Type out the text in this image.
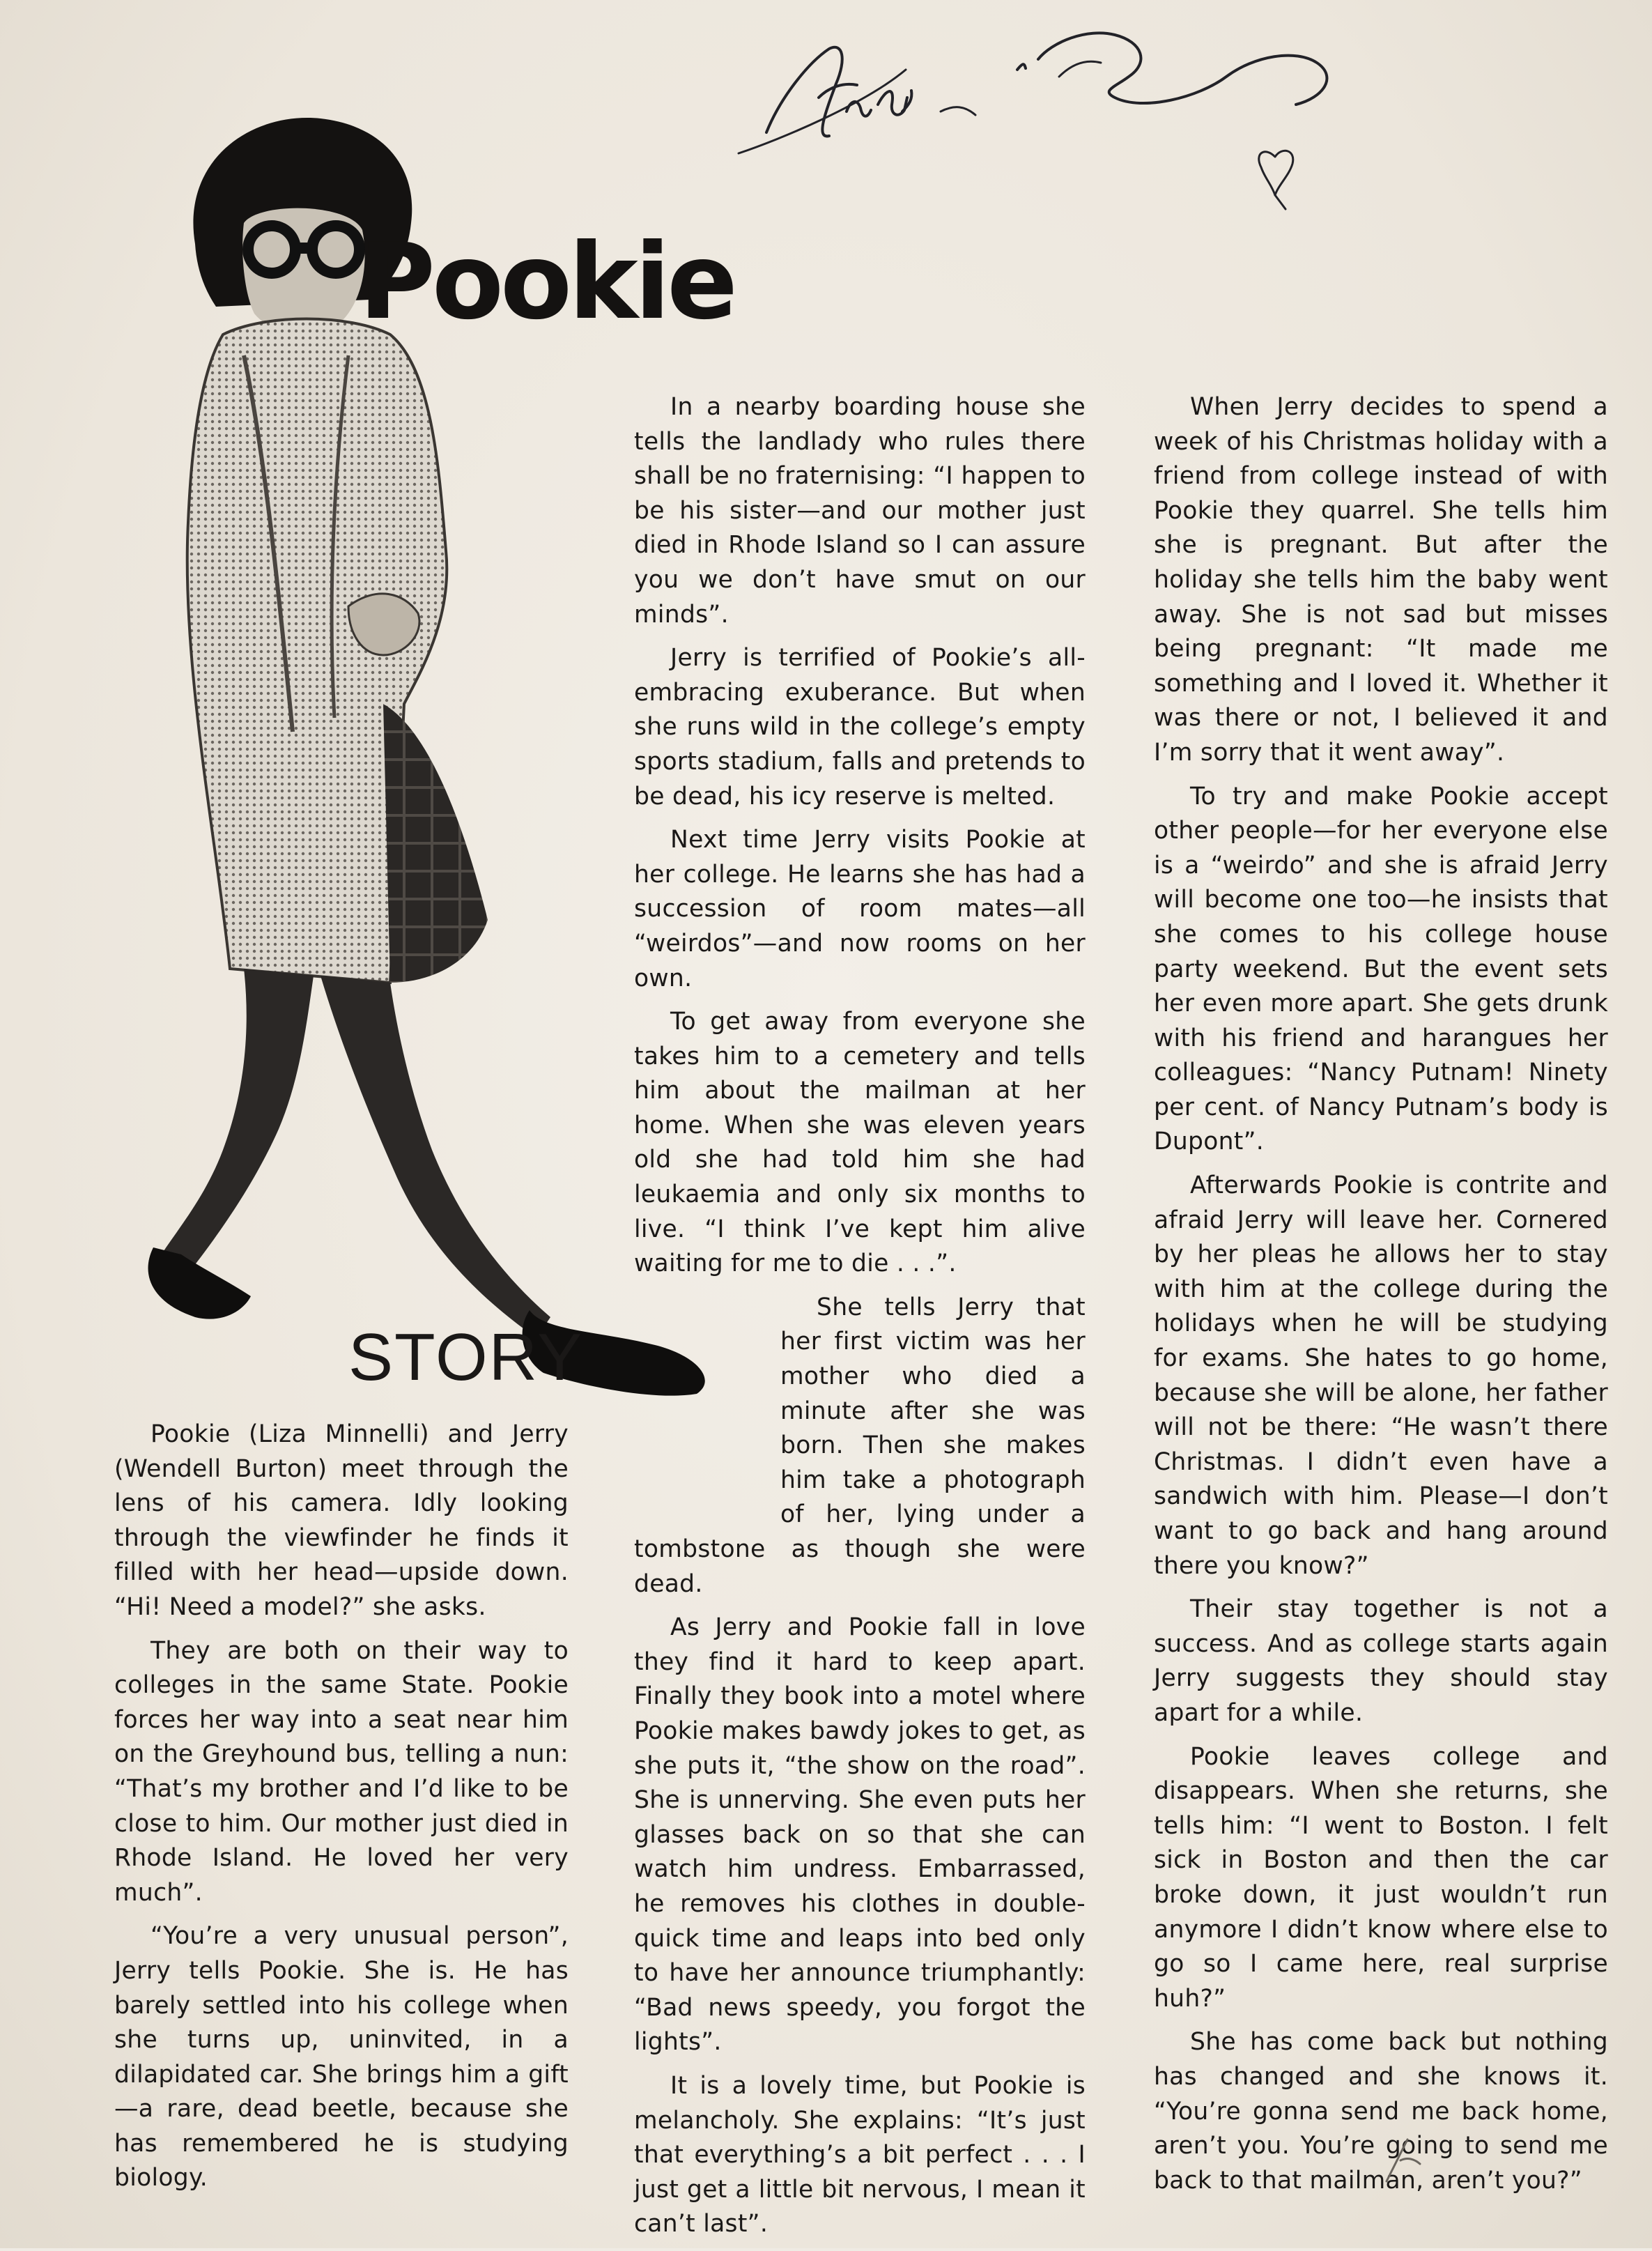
Pookie
STORY

Pookie (Liza Minnelli) and Jerry (Wendell Burton) meet through the lens of his camera. Idly looking through the viewfinder he finds it filled with her head—upside down. “Hi! Need a model?” she asks.

They are both on their way to colleges in the same State. Pookie forces her way into a seat near him on the Greyhound bus, telling a nun: “That’s my brother and I’d like to be close to him. Our mother just died in Rhode Island. He loved her very much”.

“You’re a very unusual person”, Jerry tells Pookie. She is. He has barely settled into his college when she turns up, uninvited, in a dilapidated car. She brings him a gift—a rare, dead beetle, because she has remembered he is studying biology.

In a nearby boarding house she tells the landlady who rules there shall be no fraternising: “I happen to be his sister—and our mother just died in Rhode Island so I can assure you we don’t have smut on our minds”.

Jerry is terrified of Pookie’s all-embracing exuberance. But when she runs wild in the college’s empty sports stadium, falls and pretends to be dead, his icy reserve is melted.

Next time Jerry visits Pookie at her college. He learns she has had a succession of room mates—all “weirdos”—and now rooms on her own.

To get away from everyone she takes him to a cemetery and tells him about the mailman at her home. When she was eleven years old she had told him she had leukaemia and only six months to live. “I think I’ve kept him alive waiting for me to die . . .”.

She tells Jerry that her first victim was her mother who died a minute after she was born. Then she makes him take a photograph of her, lying under a tombstone as though she were dead.

As Jerry and Pookie fall in love they find it hard to keep apart. Finally they book into a motel where Pookie makes bawdy jokes to get, as she puts it, “the show on the road”. She is unnerving. She even puts her glasses back on so that she can watch him undress. Embarrassed, he removes his clothes in double-quick time and leaps into bed only to have her announce triumphantly: “Bad news speedy, you forgot the lights”.

It is a lovely time, but Pookie is melancholy. She explains: “It’s just that everything’s a bit perfect . . . I just get a little bit nervous, I mean it can’t last”.

When Jerry decides to spend a week of his Christmas holiday with a friend from college instead of with Pookie they quarrel. She tells him she is pregnant. But after the holiday she tells him the baby went away. She is not sad but misses being pregnant: “It made me something and I loved it. Whether it was there or not, I believed it and I’m sorry that it went away”.

To try and make Pookie accept other people—for her everyone else is a “weirdo” and she is afraid Jerry will become one too—he insists that she comes to his college house party weekend. But the event sets her even more apart. She gets drunk with his friend and harangues her colleagues: “Nancy Putnam! Ninety per cent. of Nancy Putnam’s body is Dupont”.

Afterwards Pookie is contrite and afraid Jerry will leave her. Cornered by her pleas he allows her to stay with him at the college during the holidays when he will be studying for exams. She hates to go home, because she will be alone, her father will not be there: “He wasn’t there Christmas. I didn’t even have a sandwich with him. Please—I don’t want to go back and hang around there you know?”

Their stay together is not a success. And as college starts again Jerry suggests they should stay apart for a while.

Pookie leaves college and disappears. When she returns, she tells him: “I went to Boston. I felt sick in Boston and then the car broke down, it just wouldn’t run anymore I didn’t know where else to go so I came here, real surprise huh?”

She has come back but nothing has changed and she knows it. “You’re gonna send me back home, aren’t you. You’re going to send me back to that mailman, aren’t you?”
